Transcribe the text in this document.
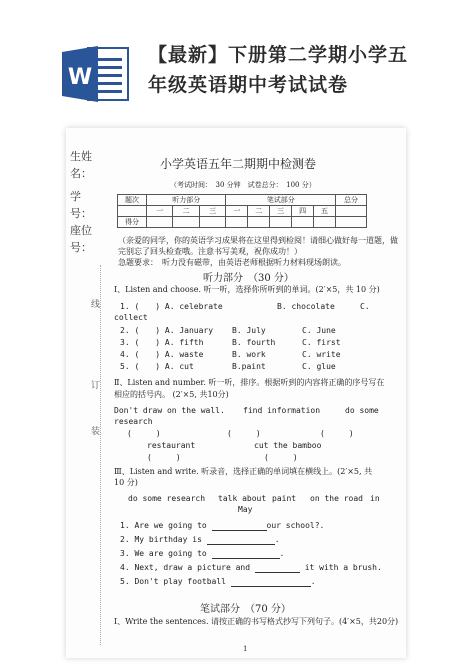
W
【最新】下册第二学期小学五
年级英语期中考试试卷
生姓
名：
学号：
座位
号：
线
订
装
小学英语五年二期期中检测卷
（考试时间：　30 分钟　试卷总分：　100 分）
题次	听力部分			笔试部分					总分
	一	二	三	一	二	三	四	五	
得分									
（亲爱的同学，你的英语学习成果将在这里得到检阅！请细心做好每一道题，做
完别忘了回头检查哦。注意书写美观，祝你成功！）
急题要求：　听力没有磁带，由英语老师根据听力材料现场朗读。
听力部分　（30 分）
Ⅰ、Listen and choose. 听一听，选择你所听到的单词。(2′×5，共 10 分)
1. (　　) A. celebrate	B. chocolate	C.
collect
2. (　　) A. January B. July	C. June
3. (　　) A. fifth	B. fourth	C. first
4. (　　) A. waste	B. work	C. write
5. (　　) A. cut	B.paint	C. glue
Ⅱ、Listen and number. 听一听，排序。根据听到的内容将正确的序号写在
相应的括号内。 (2′×5, 共10分)
Don't draw on the wall. find information	do some
research
(　　　)	(　　　)	(　　　)
restaurant	cut the bamboo
(　　　)	(　　　)
Ⅲ、Listen and write. 听录音，选择正确的单词填在横线上。(2′×5, 共
10 分)
do some research talk about paint on the road in
May
1. Are we going to	our school?.
2. My birthday is	.
3. We are going to	.
4. Next, draw a picture and	it with a brush.
5. Don't play football	.
笔试部分　（70 分）
Ⅰ、Write the sentences. 请按正确的书写格式抄写下列句子。(4′×5，共20分)
1
